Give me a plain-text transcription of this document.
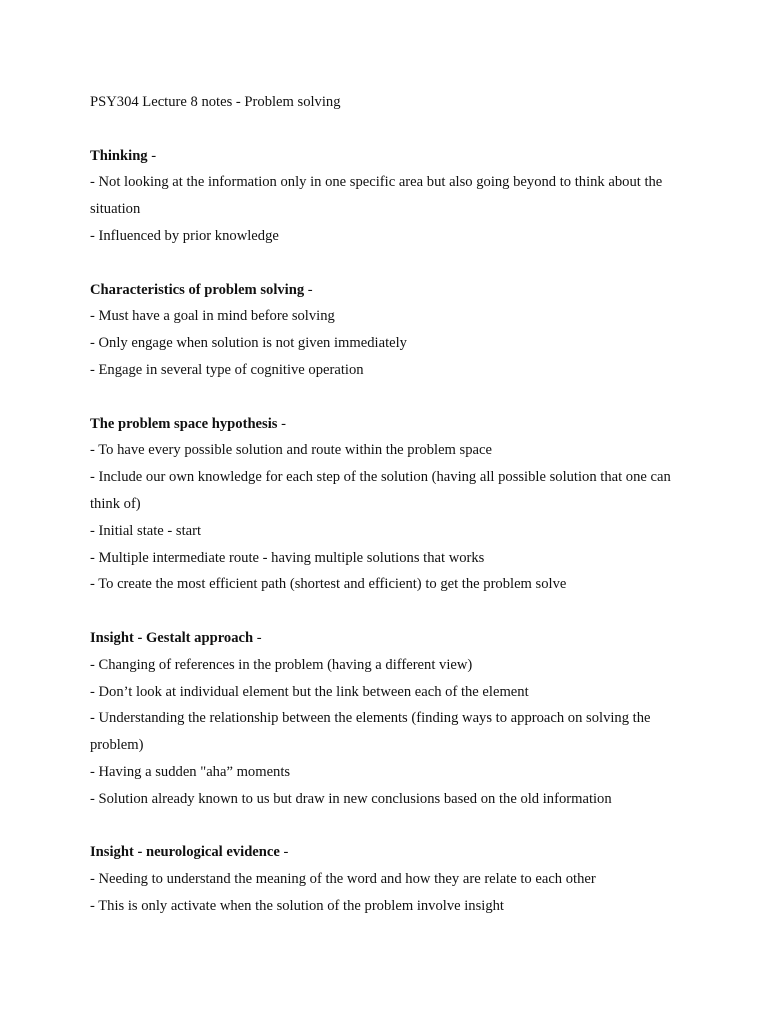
PSY304 Lecture 8 notes - Problem solving

Thinking -

- Not looking at the information only in one specific area but also going beyond to think about the situation

- Influenced by prior knowledge

Characteristics of problem solving -

- Must have a goal in mind before solving

- Only engage when solution is not given immediately

- Engage in several type of cognitive operation

The problem space hypothesis -

- To have every possible solution and route within the problem space

- Include our own knowledge for each step of the solution (having all possible solution that one can think of)

- Initial state - start

- Multiple intermediate route - having multiple solutions that works

- To create the most efficient path (shortest and efficient) to get the problem solve

Insight - Gestalt approach -

- Changing of references in the problem (having a different view)

- Don’t look at individual element but the link between each of the element

- Understanding the relationship between the elements (finding ways to approach on solving the problem)

- Having a sudden "aha” moments

- Solution already known to us but draw in new conclusions based on the old information

Insight - neurological evidence -

- Needing to understand the meaning of the word and how they are relate to each other

- This is only activate when the solution of the problem involve insight
